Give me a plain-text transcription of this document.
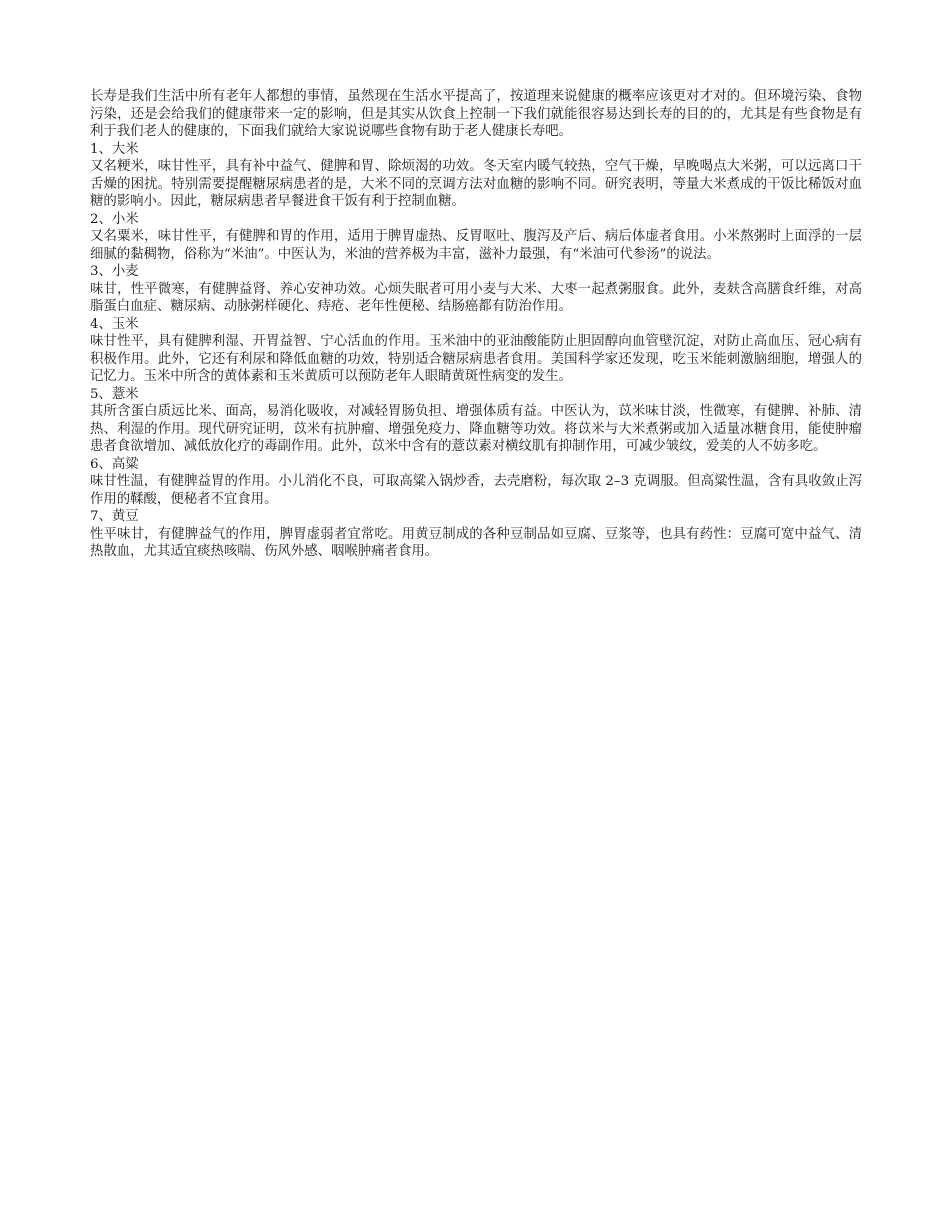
长寿是我们生活中所有老年人都想的事情，虽然现在生活水平提高了，按道理来说健康的概率应该更对才对的。但环境污染、食物污染，还是会给我们的健康带来一定的影响，但是其实从饮食上控制一下我们就能很容易达到长寿的目的的，尤其是有些食物是有利于我们老人的健康的，下面我们就给大家说说哪些食物有助于老人健康长寿吧。

1、大米

又名粳米，味甘性平，具有补中益气、健脾和胃、除烦渴的功效。冬天室内暖气较热，空气干燥，早晚喝点大米粥，可以远离口干舌燥的困扰。特别需要提醒糖尿病患者的是，大米不同的烹调方法对血糖的影响不同。研究表明，等量大米煮成的干饭比稀饭对血糖的影响小。因此，糖尿病患者早餐进食干饭有利于控制血糖。

2、小米

又名粟米，味甘性平，有健脾和胃的作用，适用于脾胃虚热、反胃呕吐、腹泻及产后、病后体虚者食用。小米熬粥时上面浮的一层细腻的黏稠物，俗称为“米油”。中医认为，米油的营养极为丰富，滋补力最强，有“米油可代参汤”的说法。

3、小麦

味甘，性平微寒，有健脾益肾、养心安神功效。心烦失眠者可用小麦与大米、大枣一起煮粥服食。此外，麦麸含高膳食纤维，对高脂蛋白血症、糖尿病、动脉粥样硬化、痔疮、老年性便秘、结肠癌都有防治作用。

4、玉米

味甘性平，具有健脾利湿、开胃益智、宁心活血的作用。玉米油中的亚油酸能防止胆固醇向血管壁沉淀，对防止高血压、冠心病有积极作用。此外，它还有利尿和降低血糖的功效，特别适合糖尿病患者食用。美国科学家还发现，吃玉米能刺激脑细胞，增强人的记忆力。玉米中所含的黄体素和玉米黄质可以预防老年人眼睛黄斑性病变的发生。

5、薏米

其所含蛋白质远比米、面高，易消化吸收，对减轻胃肠负担、增强体质有益。中医认为，苡米味甘淡，性微寒，有健脾、补肺、清热、利湿的作用。现代研究证明，苡米有抗肿瘤、增强免疫力、降血糖等功效。将苡米与大米煮粥或加入适量冰糖食用，能使肿瘤患者食欲增加、减低放化疗的毒副作用。此外，苡米中含有的薏苡素对横纹肌有抑制作用，可减少皱纹，爱美的人不妨多吃。

6、高粱

味甘性温，有健脾益胃的作用。小儿消化不良，可取高粱入锅炒香，去壳磨粉，每次取 2–3 克调服。但高粱性温，含有具收敛止泻作用的鞣酸，便秘者不宜食用。

7、黄豆

性平味甘，有健脾益气的作用，脾胃虚弱者宜常吃。用黄豆制成的各种豆制品如豆腐、豆浆等，也具有药性：豆腐可宽中益气、清热散血，尤其适宜痰热咳喘、伤风外感、咽喉肿痛者食用。
